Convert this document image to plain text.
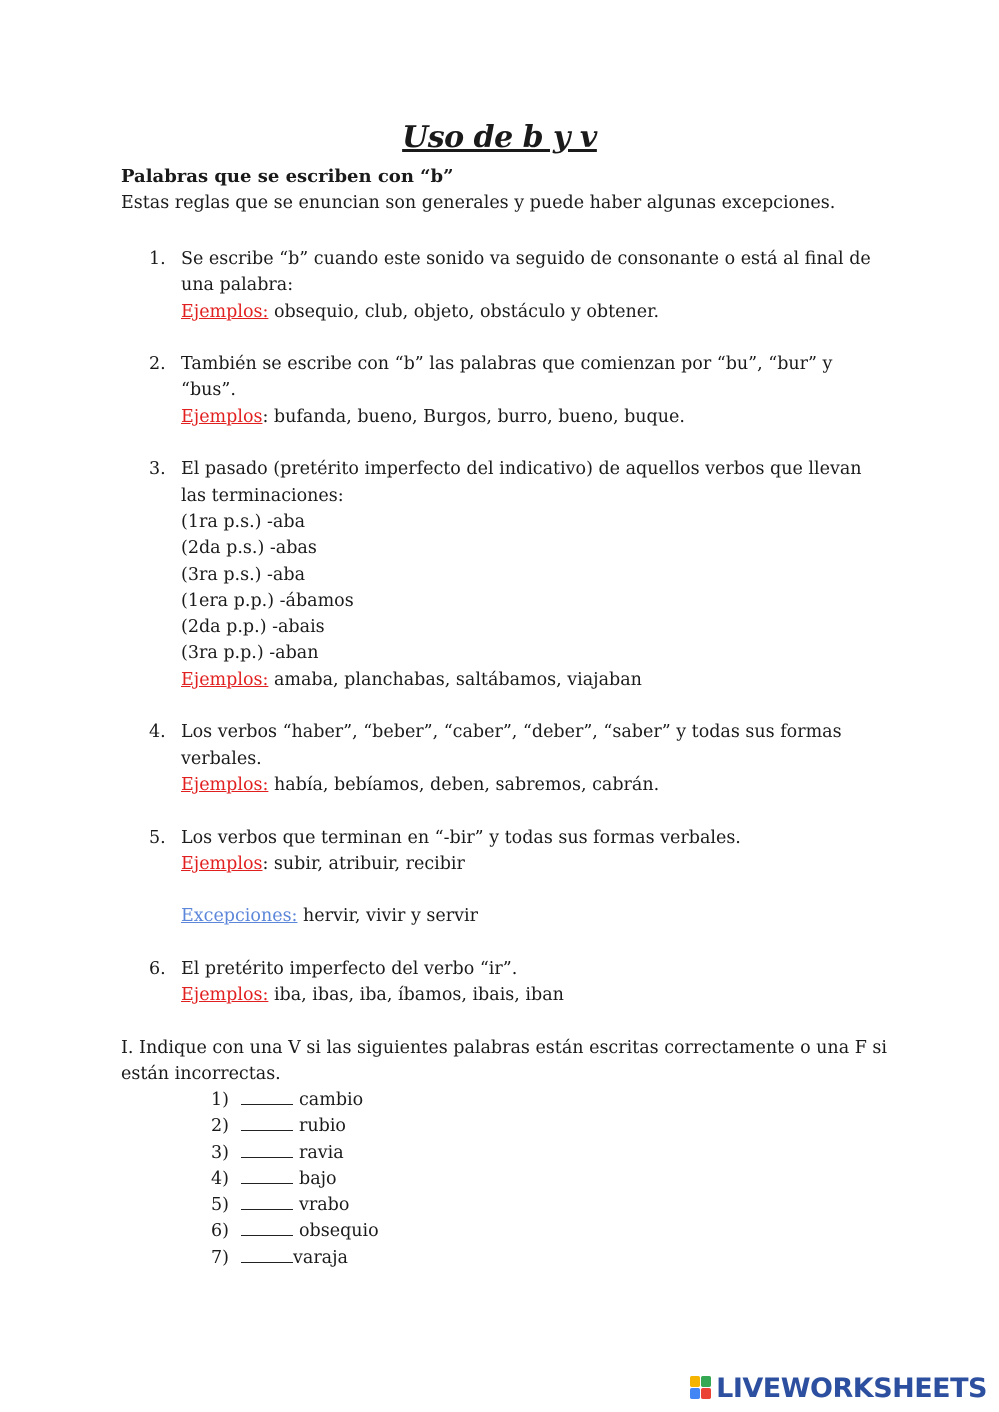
Uso de b y v
Palabras que se escriben con “b”
Estas reglas que se enuncian son generales y puede haber algunas excepciones.
1. Se escribe “b” cuando este sonido va seguido de consonante o está al final de
una palabra:
Ejemplos: obsequio, club, objeto, obstáculo y obtener.
2. También se escribe con “b” las palabras que comienzan por “bu”, “bur” y
“bus”.
Ejemplos: bufanda, bueno, Burgos, burro, bueno, buque.
3. El pasado (pretérito imperfecto del indicativo) de aquellos verbos que llevan
las terminaciones:
(1ra p.s.) -aba
(2da p.s.) -abas
(3ra p.s.) -aba
(1era p.p.) -ábamos
(2da p.p.) -abais
(3ra p.p.) -aban
Ejemplos: amaba, planchabas, saltábamos, viajaban
4. Los verbos “haber”, “beber”, “caber”, “deber”, “saber” y todas sus formas
verbales.
Ejemplos: había, bebíamos, deben, sabremos, cabrán.
5. Los verbos que terminan en “-bir” y todas sus formas verbales.
Ejemplos: subir, atribuir, recibir
Excepciones: hervir, vivir y servir
6. El pretérito imperfecto del verbo “ir”.
Ejemplos: iba, ibas, iba, íbamos, ibais, iban
I. Indique con una V si las siguientes palabras están escritas correctamente o una F si
están incorrectas.
1)	cambio
2)	rubio
3)	ravia
4)	bajo
5)	vrabo
6)	obsequio
7)	varaja
LIVEWORKSHEETS
